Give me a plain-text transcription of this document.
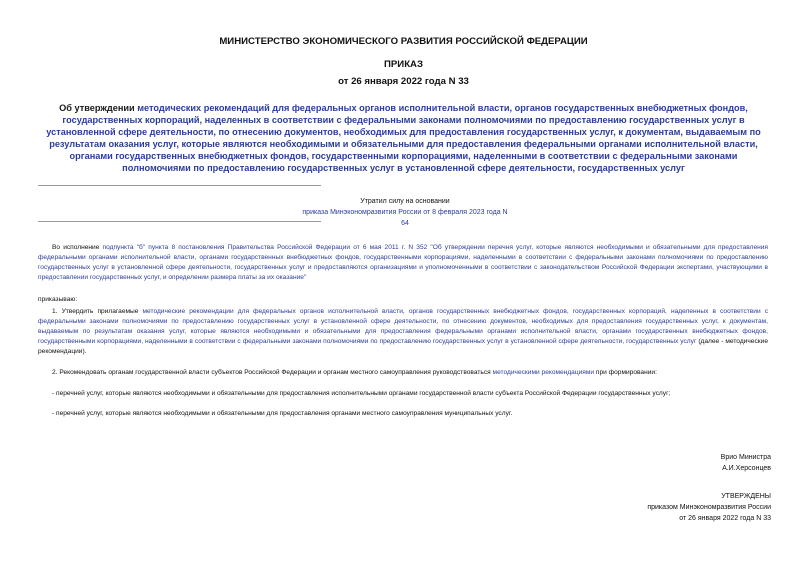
МИНИСТЕРСТВО ЭКОНОМИЧЕСКОГО РАЗВИТИЯ РОССИЙСКОЙ ФЕДЕРАЦИИ
ПРИКАЗ
от 26 января 2022 года N 33
Об утверждении методических рекомендаций для федеральных органов исполнительной власти, органов государственных внебюджетных фондов, государственных корпораций, наделенных в соответствии с федеральными законами полномочиями по предоставлению государственных услуг в установленной сфере деятельности, по отнесению документов, необходимых для предоставления государственных услуг, к документам, выдаваемым по результатам оказания услуг, которые являются необходимыми и обязательными для предоставления федеральными органами исполнительной власти, органами государственных внебюджетных фондов, государственными корпорациями, наделенными в соответствии с федеральными законами полномочиями по предоставлению государственных услуг в установленной сфере деятельности, государственных услуг
Утратил силу на основании
приказа Минэкономразвития России от 8 февраля 2023 года N 64
Во исполнение подпункта "б" пункта 8 постановления Правительства Российской Федерации от 6 мая 2011 г. N 352 "Об утверждении перечня услуг, которые являются необходимыми и обязательными для предоставления федеральными органами исполнительной власти, органами государственных внебюджетных фондов, государственными корпорациями, наделенными в соответствии с федеральными законами полномочиями по предоставлению государственных услуг в установленной сфере деятельности, государственных услуг и предоставляются организациями и уполномоченными в соответствии с законодательством Российской Федерации экспертами, участвующими в предоставлении государственных услуг, и определении размера платы за их оказание"
приказываю:
1. Утвердить прилагаемые методические рекомендации для федеральных органов исполнительной власти, органов государственных внебюджетных фондов, государственных корпораций, наделенных в соответствии с федеральными законами полномочиями по предоставлению государственных услуг в установленной сфере деятельности, по отнесению документов, необходимых для предоставления государственных услуг, к документам, выдаваемым по результатам оказания услуг, которые являются необходимыми и обязательными для предоставления федеральными органами исполнительной власти, органами государственных внебюджетных фондов, государственными корпорациями, наделенными в соответствии с федеральными законами полномочиями по предоставлению государственных услуг в установленной сфере деятельности, государственных услуг (далее - методические рекомендации).
2. Рекомендовать органам государственной власти субъектов Российской Федерации и органам местного самоуправления руководствоваться методическими рекомендациями при формировании:
- перечней услуг, которые являются необходимыми и обязательными для предоставления исполнительными органами государственной власти субъекта Российской Федерации государственных услуг;
- перечней услуг, которые являются необходимыми и обязательными для предоставления органами местного самоуправления муниципальных услуг.
Врио Министра
А.И.Херсонцев
УТВЕРЖДЕНЫ
приказом Минэкономразвития России
от 26 января 2022 года N 33
